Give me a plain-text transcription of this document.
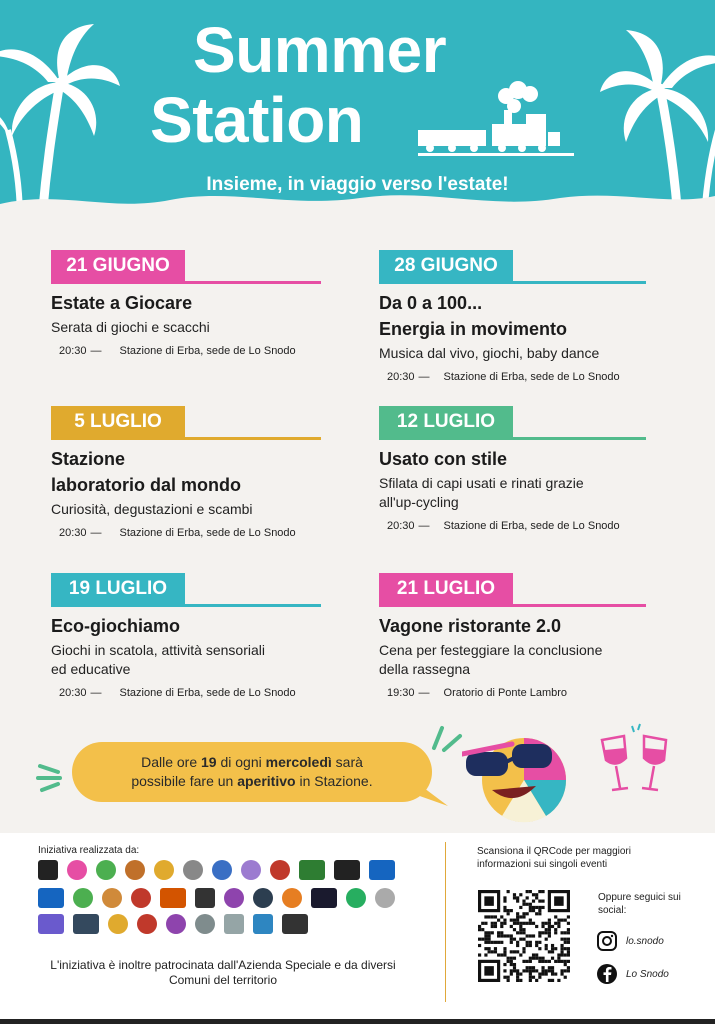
Summer
Station
Insieme, in viaggio verso l'estate!
21 GIUGNO
Estate a Giocare
Serata di giochi e scacchi
20:30 — Stazione di Erba, sede de Lo Snodo
28 GIUGNO
Da 0 a 100...
Energia in movimento
Musica dal vivo, giochi, baby dance
20:30 — Stazione di Erba, sede de Lo Snodo
5 LUGLIO
Stazione
laboratorio dal mondo
Curiosità, degustazioni e scambi
20:30 — Stazione di Erba, sede de Lo Snodo
12 LUGLIO
Usato con stile
Sfilata di capi usati e rinati grazie
all'up-cycling
20:30 — Stazione di Erba, sede de Lo Snodo
19 LUGLIO
Eco-giochiamo
Giochi in scatola, attività sensoriali
ed educative
20:30 — Stazione di Erba, sede de Lo Snodo
21 LUGLIO
Vagone ristorante 2.0
Cena per festeggiare la conclusione
della rassegna
19:30 — Oratorio di Ponte Lambro
Dalle ore 19 di ogni mercoledì sarà
possibile fare un aperitivo in Stazione.
Iniziativa realizzata da:
L'iniziativa è inoltre patrocinata dall'Azienda Speciale e da diversi Comuni del territorio
Scansiona il QRCode per maggiori informazioni sui singoli eventi
Oppure seguici sui social:
lo.snodo
Lo Snodo
